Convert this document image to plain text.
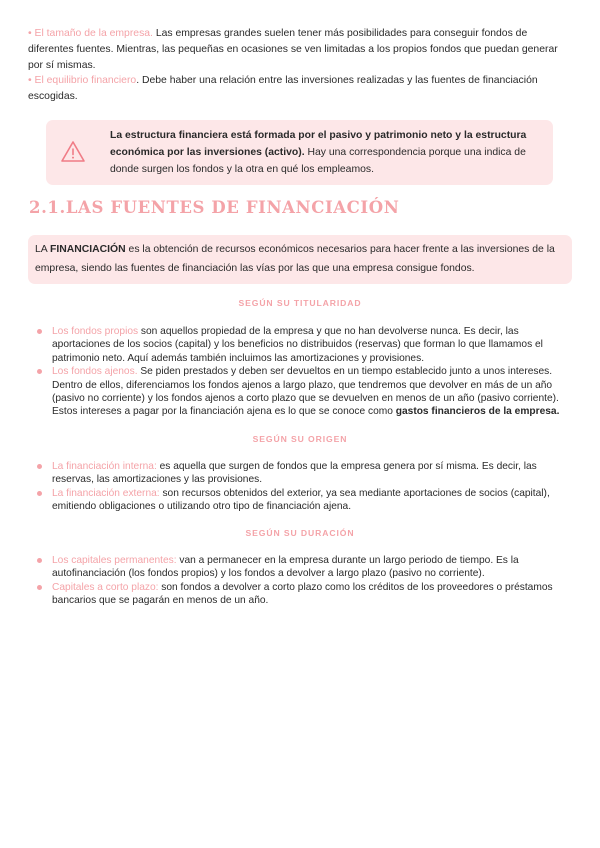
• El tamaño de la empresa. Las empresas grandes suelen tener más posibilidades para conseguir fondos de diferentes fuentes. Mientras, las pequeñas en ocasiones se ven limitadas a los propios fondos que puedan generar por sí mismas.

• El equilibrio financiero. Debe haber una relación entre las inversiones realizadas y las fuentes de financiación escogidas.

La estructura financiera está formada por el pasivo y patrimonio neto y la estructura económica por las inversiones (activo). Hay una correspondencia porque una indica de donde surgen los fondos y la otra en qué los empleamos.
2.1.LAS FUENTES DE FINANCIACIÓN
LA FINANCIACIÓN es la obtención de recursos económicos necesarios para hacer frente a las inversiones de la empresa, siendo las fuentes de financiación las vías por las que una empresa consigue fondos.
SEGÚN SU TITULARIDAD
Los fondos propios son aquellos propiedad de la empresa y que no han devolverse nunca. Es decir, las aportaciones de los socios (capital) y los beneficios no distribuidos (reservas) que forman lo que llamamos el patrimonio neto. Aquí además también incluimos las amortizaciones y provisiones.
Los fondos ajenos. Se piden prestados y deben ser devueltos en un tiempo establecido junto a unos intereses. Dentro de ellos, diferenciamos los fondos ajenos a largo plazo, que tendremos que devolver en más de un año (pasivo no corriente) y los fondos ajenos a corto plazo que se devuelven en menos de un año (pasivo corriente). Estos intereses a pagar por la financiación ajena es lo que se conoce como gastos financieros de la empresa.
SEGÚN SU ORIGEN
La financiación interna: es aquella que surgen de fondos que la empresa genera por sí misma. Es decir, las reservas, las amortizaciones y las provisiones.
La financiación externa: son recursos obtenidos del exterior, ya sea mediante aportaciones de socios (capital), emitiendo obligaciones o utilizando otro tipo de financiación ajena.
SEGÚN SU DURACIÓN
Los capitales permanentes: van a permanecer en la empresa durante un largo periodo de tiempo. Es la autofinanciación (los fondos propios) y los fondos a devolver a largo plazo (pasivo no corriente).
Capitales a corto plazo: son fondos a devolver a corto plazo como los créditos de los proveedores o préstamos bancarios que se pagarán en menos de un año.
